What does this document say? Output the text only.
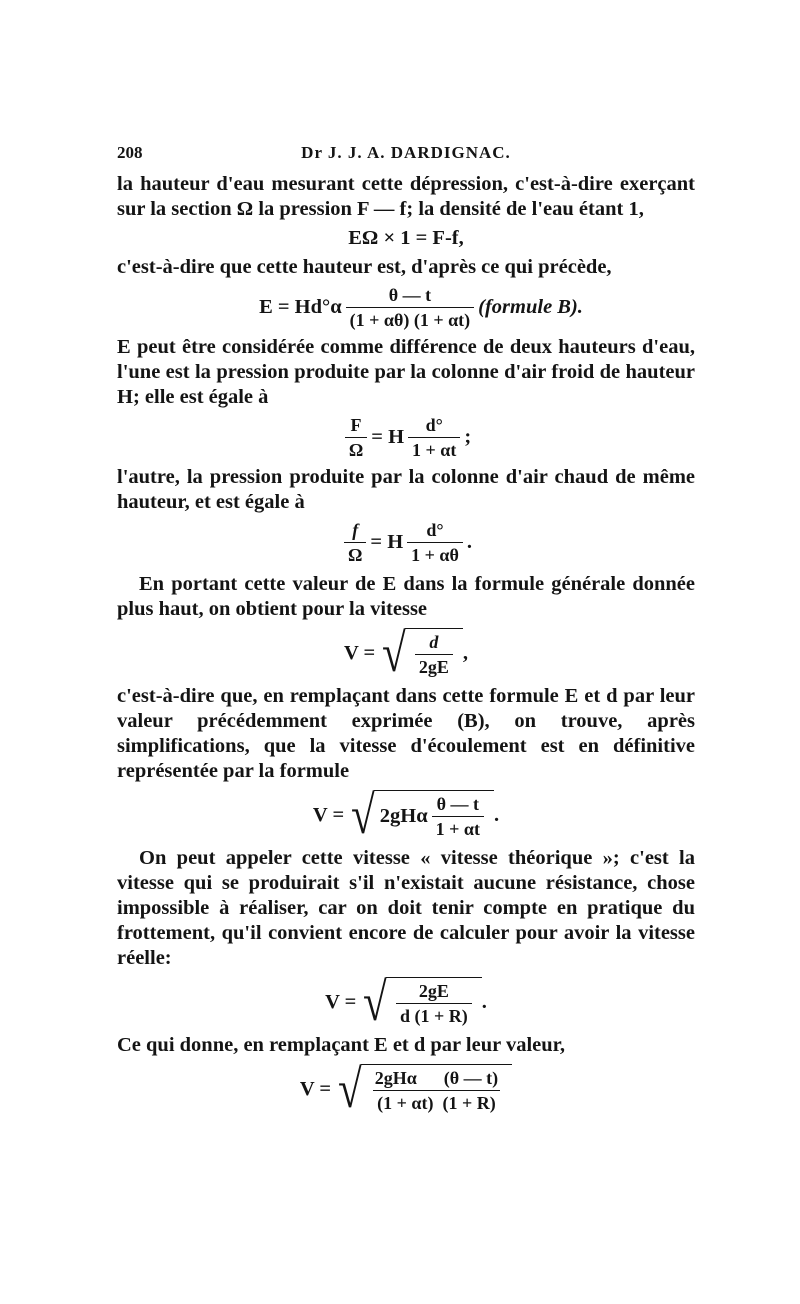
208	Dr J. J. A. DARDIGNAC.

la hauteur d'eau mesurant cette dépression, c'est-à-dire exerçant sur la section Ω la pression F — f; la densité de l'eau étant 1,

EΩ × 1 = F-f,

c'est-à-dire que cette hauteur est, d'après ce qui précède,

$E = Hd^\circ\alpha \frac{\theta — t}{(1 + \alpha\theta) (1 + \alpha t)}$ (formule B).

E peut être considérée comme différence de deux hauteurs d'eau, l'une est la pression produite par la colonne d'air froid de hauteur H; elle est égale à

$\frac{F}{\Omega} = H \frac{d^\circ}{1 + \alpha t}$ ;

l'autre, la pression produite par la colonne d'air chaud de même hauteur, et est égale à

$\frac{f}{\Omega} = H \frac{d^\circ}{1 + \alpha\theta}$ .

En portant cette valeur de E dans la formule générale donnée plus haut, on obtient pour la vitesse

V = √ $\frac{d}{2gE}$ ,

c'est-à-dire que, en remplaçant dans cette formule E et d par leur valeur précédemment exprimée (B), on trouve, après simplifications, que la vitesse d'écoulement est en définitive représentée par la formule

V = √ $2gH\alpha \frac{\theta — t}{1 + \alpha t}$ .

On peut appeler cette vitesse « vitesse théorique »; c'est la vitesse qui se produirait s'il n'existait aucune résistance, chose impossible à réaliser, car on doit tenir compte en pratique du frottement, qu'il convient encore de calculer pour avoir la vitesse réelle:

V = √ $\frac{2gE}{d (1 + R)}$ .

Ce qui donne, en remplaçant E et d par leur valeur,

V = √ $\frac{\text{2gHα      (θ — t)}}{(1 + \alpha t) (1 + R)}$
